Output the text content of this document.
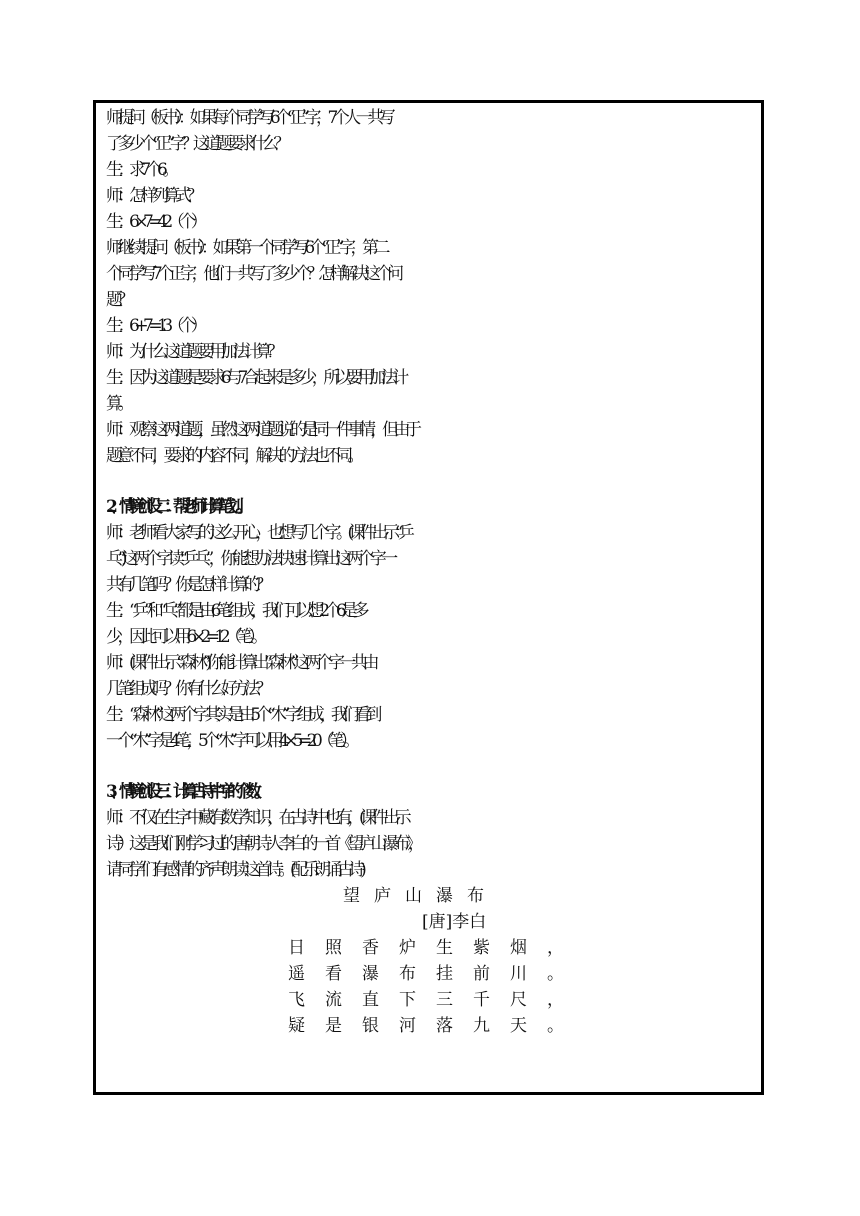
师提问（板书）：如果每个同学写 6 个“正”字，7 个人一共写
了多少个“正”字？这道题要求什么？
生：求 7 个 6。
师：怎样列算式？
生：6×7=42（个）
师继续提问（板书）：如果第一个同学写 6 个“正”字，第二
个同学写 7 个正字，他们一共写了多少个？怎样解决这个问
题？
生：6+7=13（个）
师：为什么这道题要用加法计算？
生：因为这道题是要求 6 与 7 合起来是多少，所以要用加法计
算。
师：观察这两道题，虽然这两道题说的是同一件事情，但由于
题意不同，要求的内容不同，解决的方法也不同。
2、情境创设二：帮老师计算笔划。
师：老师看大家写的这么开心，也想写几个字。(课件出示“乒
乓”)这两个字读“乒乓”，你能想办法快速计算出这两个字一
共有几笔吗？你是怎样计算的？
生：“乒”和“乓”都是由 6 笔组成，我们可以想 2 个 6 是多
少，因此可以用 6×2=12（笔）。
师：(课件出示“森林”)你能计算出“森林”这两个字一共由
几笔组成吗？你有什么好方法？
生：“森林”这两个字其实是由 5 个“木”字组成，我们看到
一个“木”字是 4 笔，5 个“木”字可以用 4×5=20（笔）。
3、情境创设三：计算古诗中字的个数。
师：不仅在生字中藏有数学知识，在古诗中也有，(课件出示
诗）这是我们刚学习过的唐朝诗人李白的一首《望庐山瀑布》，
请同学们有感情的齐声朗读这首诗。(配乐朗诵古诗)
望庐山瀑布
[唐]李白
日	照	香	炉	生	紫	烟	，
遥	看	瀑	布	挂	前	川	。
飞	流	直	下	三	千	尺	，
疑	是	银	河	落	九	天	。
